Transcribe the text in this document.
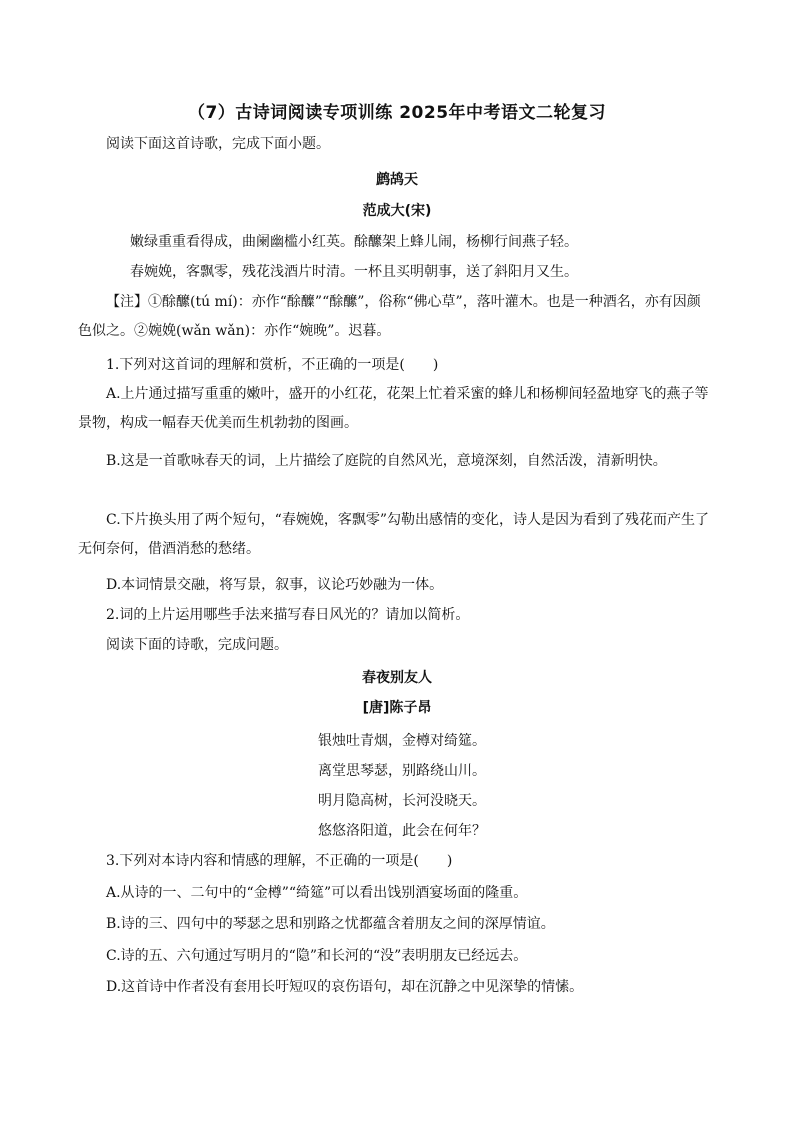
（7）古诗词阅读专项训练 2025年中考语文二轮复习
阅读下面这首诗歌，完成下面小题。
鹧鸪天
范成大(宋)
嫩绿重重看得成，曲阑幽槛小红英。酴醿架上蜂儿闹，杨柳行间燕子轻。
春婉娩，客飘零，残花浅酒片时清。一杯且买明朝事，送了斜阳月又生。
【注】①酴醿(tú mí)：亦作“酴醾”“酴醿”，俗称“佛心草”，落叶灌木。也是一种酒名，亦有因颜色似之。②婉娩(wǎn wǎn)：亦作“婉晚”。迟暮。
1.下列对这首词的理解和赏析，不正确的一项是(　　)
A.上片通过描写重重的嫩叶，盛开的小红花，花架上忙着采蜜的蜂儿和杨柳间轻盈地穿飞的燕子等景物，构成一幅春天优美而生机勃勃的图画。
B.这是一首歌咏春天的词，上片描绘了庭院的自然风光，意境深刻，自然活泼，清新明快。
C.下片换头用了两个短句，“春婉娩，客飘零”勾勒出感情的变化，诗人是因为看到了残花而产生了无何奈何，借酒消愁的愁绪。
D.本词情景交融，将写景，叙事，议论巧妙融为一体。
2.词的上片运用哪些手法来描写春日风光的？请加以简析。
阅读下面的诗歌，完成问题。
春夜别友人
[唐]陈子昂
银烛吐青烟，金樽对绮筵。
离堂思琴瑟，别路绕山川。
明月隐高树，长河没晓天。
悠悠洛阳道，此会在何年？
3.下列对本诗内容和情感的理解，不正确的一项是(　　)
A.从诗的一、二句中的“金樽”“绮筵”可以看出饯别酒宴场面的隆重。
B.诗的三、四句中的琴瑟之思和别路之忧都蕴含着朋友之间的深厚情谊。
C.诗的五、六句通过写明月的“隐”和长河的“没”表明朋友已经远去。
D.这首诗中作者没有套用长吁短叹的哀伤语句，却在沉静之中见深挚的情愫。
